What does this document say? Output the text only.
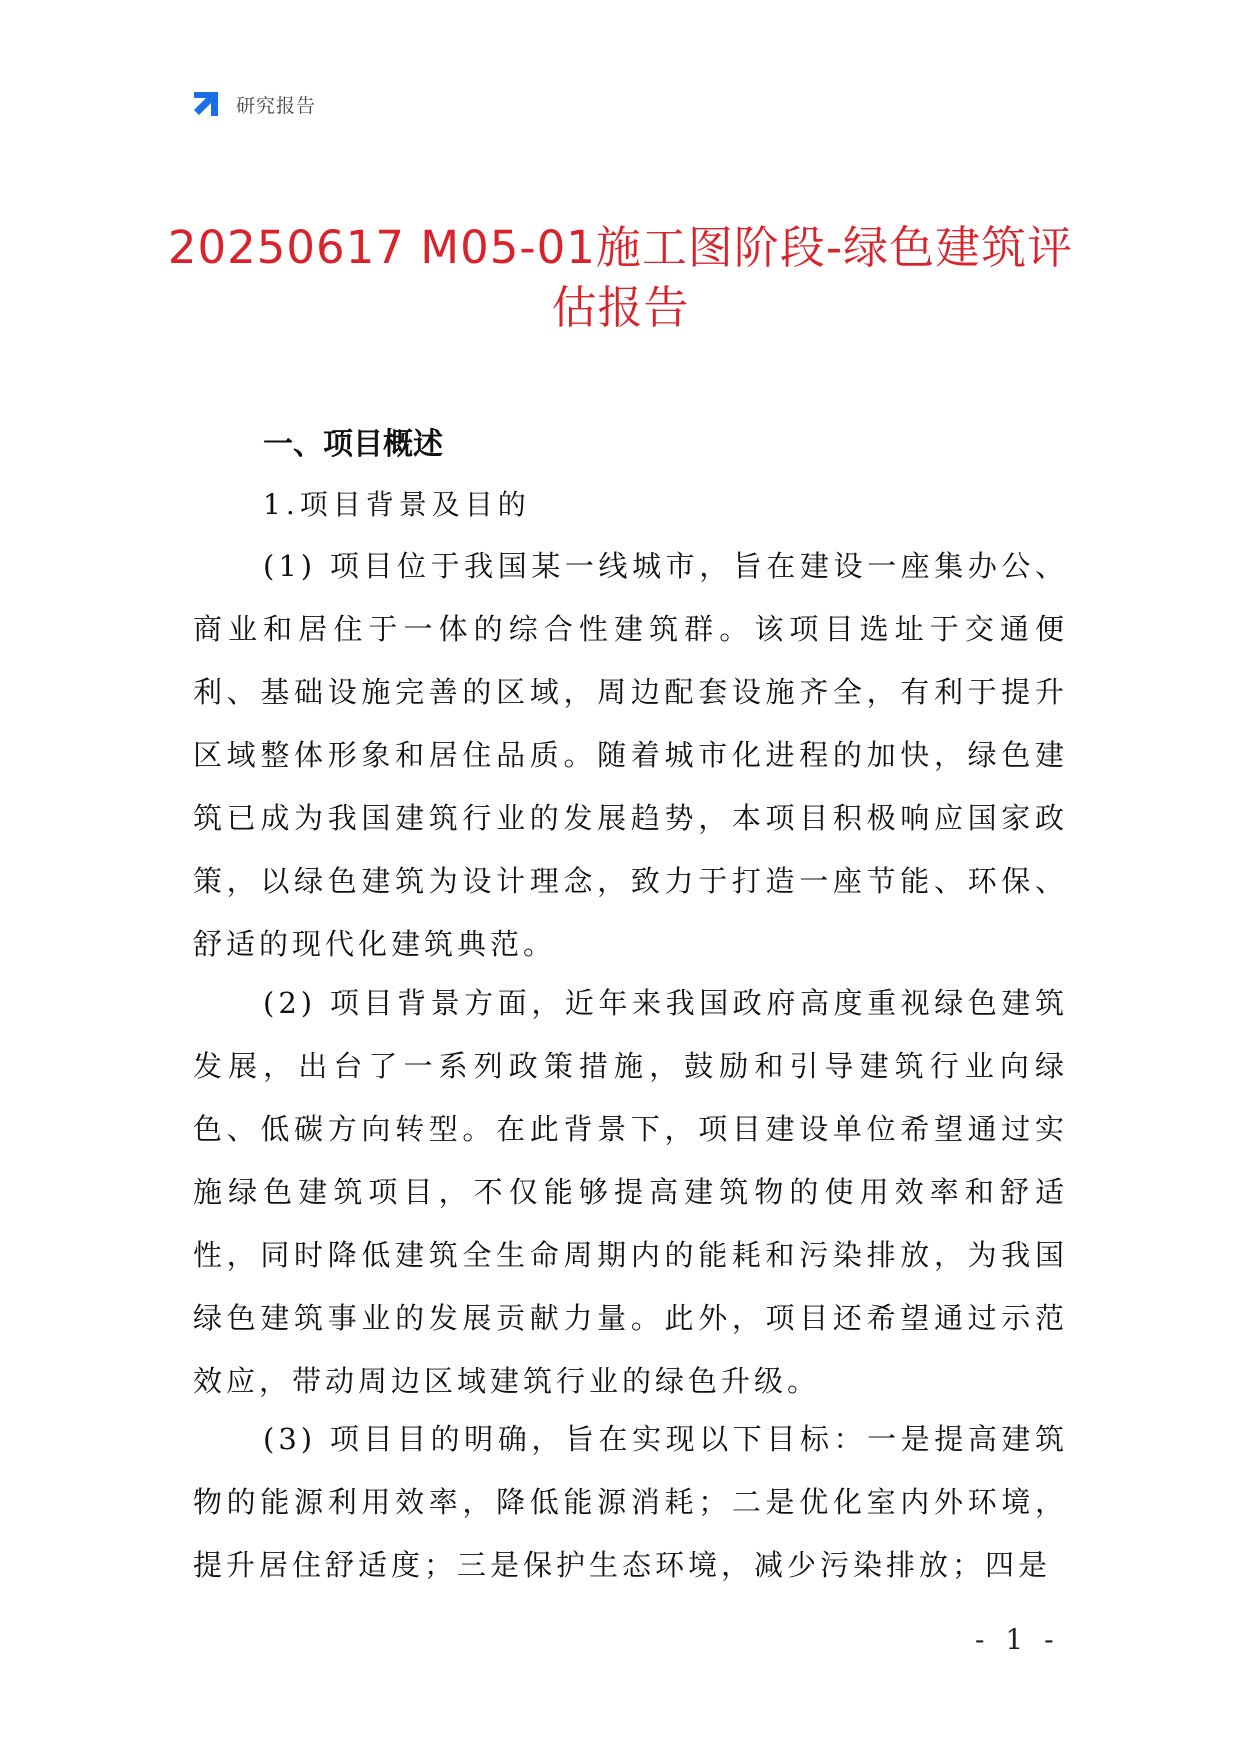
研究报告
20250617 M05-01施工图阶段-绿色建筑评
估报告
一、项目概述
1.项目背景及目的

(1) 项目位于我国某一线城市，旨在建设一座集办公、商业和居住于一体的综合性建筑群。该项目选址于交通便利、基础设施完善的区域，周边配套设施齐全，有利于提升区域整体形象和居住品质。随着城市化进程的加快，绿色建筑已成为我国建筑行业的发展趋势，本项目积极响应国家政策，以绿色建筑为设计理念，致力于打造一座节能、环保、舒适的现代化建筑典范。

(2) 项目背景方面，近年来我国政府高度重视绿色建筑发展，出台了一系列政策措施，鼓励和引导建筑行业向绿色、低碳方向转型。在此背景下，项目建设单位希望通过实施绿色建筑项目，不仅能够提高建筑物的使用效率和舒适性，同时降低建筑全生命周期内的能耗和污染排放，为我国绿色建筑事业的发展贡献力量。此外，项目还希望通过示范效应，带动周边区域建筑行业的绿色升级。

(3) 项目目的明确，旨在实现以下目标：一是提高建筑物的能源利用效率，降低能源消耗；二是优化室内外环境，提升居住舒适度；三是保护生态环境，减少污染排放；四是

- 1 -
